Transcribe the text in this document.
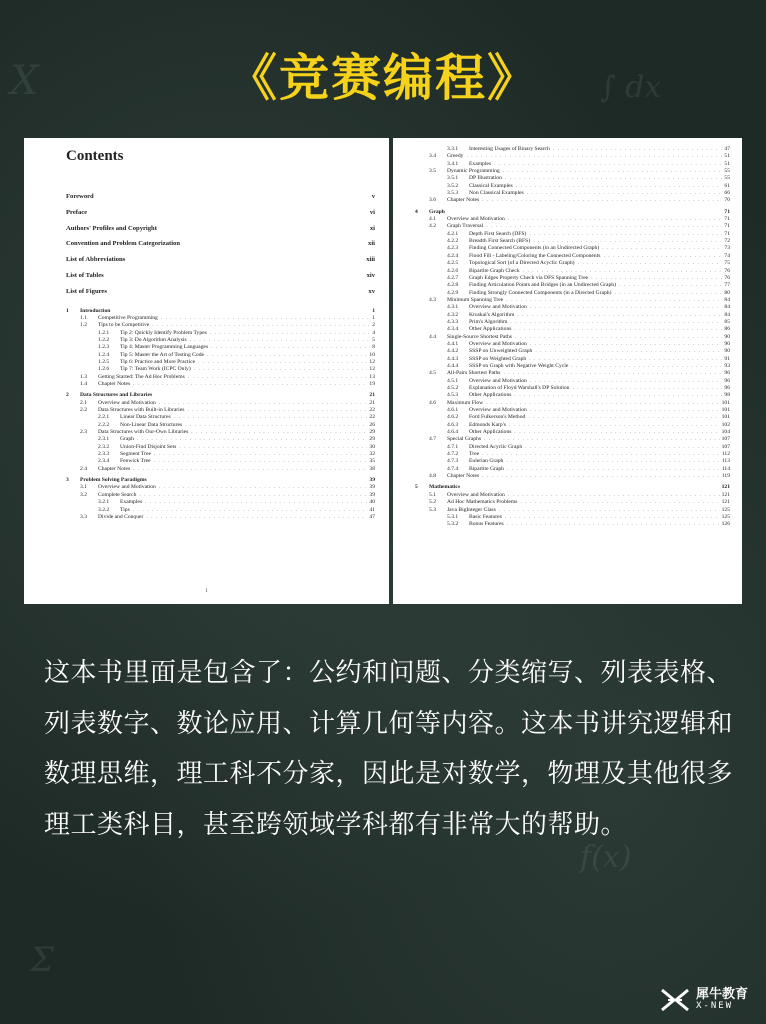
X	∫ dx
f(x)
Σ
《竞赛编程》
Contents
Foreword	v
Preface	vi
Authors' Profiles and Copyright	xi
Convention and Problem Categorization	xii
List of Abbreviations	xiii
List of Tables	xiv
List of Figures	xv
1	Introduction	1
1.1	Competitive Programming . . .	1
1.2	Tips to be Competitive . . .	2
1.2.1	Tip 2: Quickly Identify Problem Types . . .	4
1.2.2	Tip 3: Do Algorithm Analysis . . .	5
1.2.3	Tip 4: Master Programming Languages . . .	8
1.2.4	Tip 5: Master the Art of Testing Code . . .	10
1.2.5	Tip 6: Practice and More Practice . . .	12
1.2.6	Tip 7: Team Work (ICPC Only) . . .	12
1.3	Getting Started: The Ad Hoc Problems . . .	13
1.4	Chapter Notes . . .	19
2	Data Structures and Libraries	21
2.1	Overview and Motivation . . .	21
2.2	Data Structures with Built-in Libraries . . .	22
2.2.1	Linear Data Structures . . .	22
2.2.2	Non-Linear Data Structures . . .	26
2.3	Data Structures with Our-Own Libraries . . .	29
2.3.1	Graph . . .	29
2.3.2	Union-Find Disjoint Sets . . .	30
2.3.3	Segment Tree . . .	32
2.3.4	Fenwick Tree . . .	35
2.4	Chapter Notes . . .	38
3	Problem Solving Paradigms	39
3.1	Overview and Motivation . . .	39
3.2	Complete Search . . .	39
3.2.1	Examples . . .	40
3.2.2	Tips . . .	41
3.3	Divide and Conquer . . .	47
i
3.3.1	Interesting Usages of Binary Search . . .	47
3.4	Greedy . . .	51
3.4.1	Examples . . .	51
3.5	Dynamic Programming . . .	55
3.5.1	DP Illustration . . .	55
3.5.2	Classical Examples . . .	61
3.5.3	Non Classical Examples . . .	66
3.6	Chapter Notes . . .	70
4	Graph	71
4.1	Overview and Motivation . . .	71
4.2	Graph Traversal . . .	71
4.2.1	Depth First Search (DFS) . . .	71
4.2.2	Breadth First Search (BFS) . . .	72
4.2.3	Finding Connected Components (in an Undirected Graph) . . .	73
4.2.4	Flood Fill - Labeling/Coloring the Connected Components . . .	74
4.2.5	Topological Sort (of a Directed Acyclic Graph) . . .	75
4.2.6	Bipartite Graph Check . . .	76
4.2.7	Graph Edges Property Check via DFS Spanning Tree . . .	76
4.2.8	Finding Articulation Points and Bridges (in an Undirected Graph) . . .	77
4.2.9	Finding Strongly Connected Components (in a Directed Graph) . . .	80
4.3	Minimum Spanning Tree . . .	84
4.3.1	Overview and Motivation . . .	84
4.3.2	Kruskal's Algorithm . . .	84
4.3.3	Prim's Algorithm . . .	85
4.3.4	Other Applications . . .	86
4.4	Single-Source Shortest Paths . . .	90
4.4.1	Overview and Motivation . . .	90
4.4.2	SSSP on Unweighted Graph . . .	90
4.4.3	SSSP on Weighted Graph . . .	91
4.4.4	SSSP on Graph with Negative Weight Cycle . . .	93
4.5	All-Pairs Shortest Paths . . .	96
4.5.1	Overview and Motivation . . .	96
4.5.2	Explanation of Floyd Warshall's DP Solution . . .	96
4.5.3	Other Applications . . .	98
4.6	Maximum Flow . . .	101
4.6.1	Overview and Motivation . . .	101
4.6.2	Ford Fulkerson's Method . . .	101
4.6.3	Edmonds Karp's . . .	102
4.6.4	Other Applications . . .	104
4.7	Special Graphs . . .	107
4.7.1	Directed Acyclic Graph . . .	107
4.7.2	Tree . . .	112
4.7.3	Eulerian Graph . . .	113
4.7.4	Bipartite Graph . . .	114
4.8	Chapter Notes . . .	119
5	Mathematics	121
5.1	Overview and Motivation . . .	121
5.2	Ad Hoc Mathematics Problems . . .	121
5.3	Java BigInteger Class . . .	125
5.3.1	Basic Features . . .	125
5.3.2	Bonus Features . . .	126
这本书里面是包含了：公约和问题、分类缩写、列表表格、列表数字、数论应用、计算几何等内容。这本书讲究逻辑和数理思维，理工科不分家，因此是对数学，物理及其他很多理工类科目，甚至跨领域学科都有非常大的帮助。
犀牛教育
X-NEW
